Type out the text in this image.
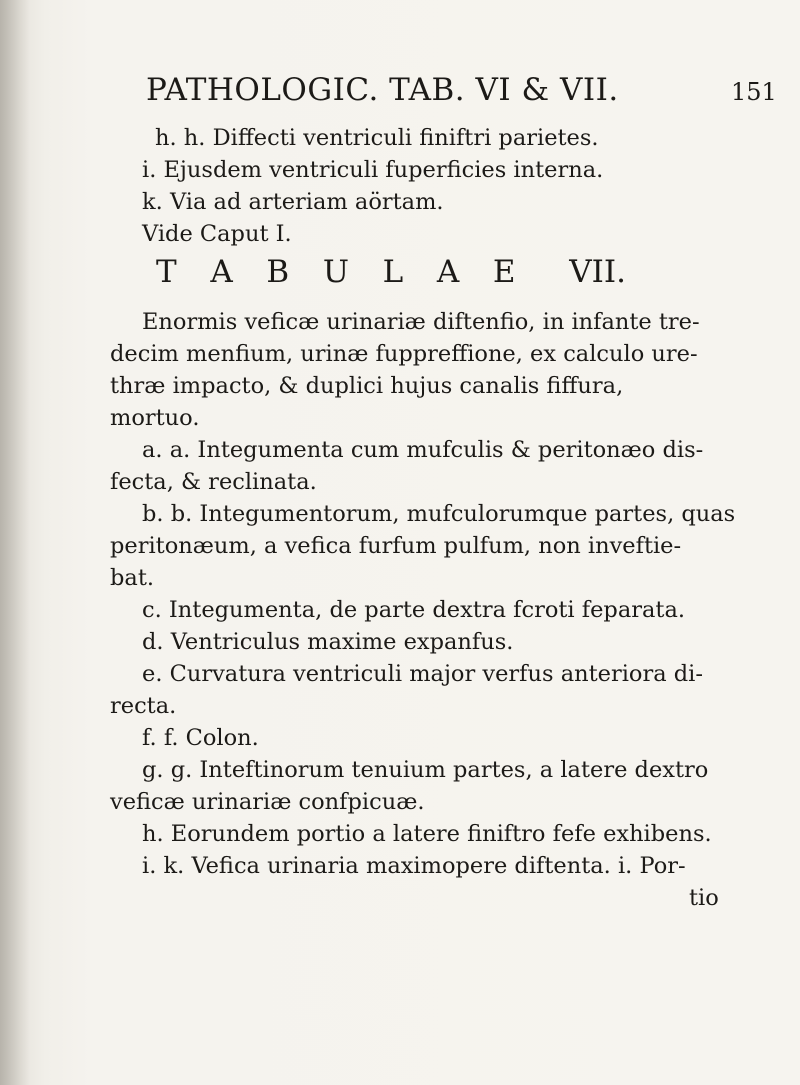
PATHOLOGIC. TAB. VI & VII.	151
h. h. Diffecti ventriculi finiftri parietes.
i. Ejusdem ventriculi fuperficies interna.
k. Via ad arteriam aörtam.
Vide Caput I.
T A B U L A E VII.
Enormis veficæ urinariæ diftenfio, in infante tre-
decim menfium, urinæ fuppreffione, ex calculo ure-
thræ impacto, & duplici hujus canalis fiffura,
mortuo.
a. a. Integumenta cum mufculis & peritonæo dis-
fecta, & reclinata.
b. b. Integumentorum, mufculorumque partes, quas
peritonæum, a vefica furfum pulfum, non inveftie-
bat.
c. Integumenta, de parte dextra fcroti feparata.
d. Ventriculus maxime expanfus.
e. Curvatura ventriculi major verfus anteriora di-
recta.
f. f. Colon.
g. g. Inteftinorum tenuium partes, a latere dextro
veficæ urinariæ confpicuæ.
h. Eorundem portio a latere finiftro fefe exhibens.
i. k. Vefica urinaria maximopere diftenta. i. Por-
tio
